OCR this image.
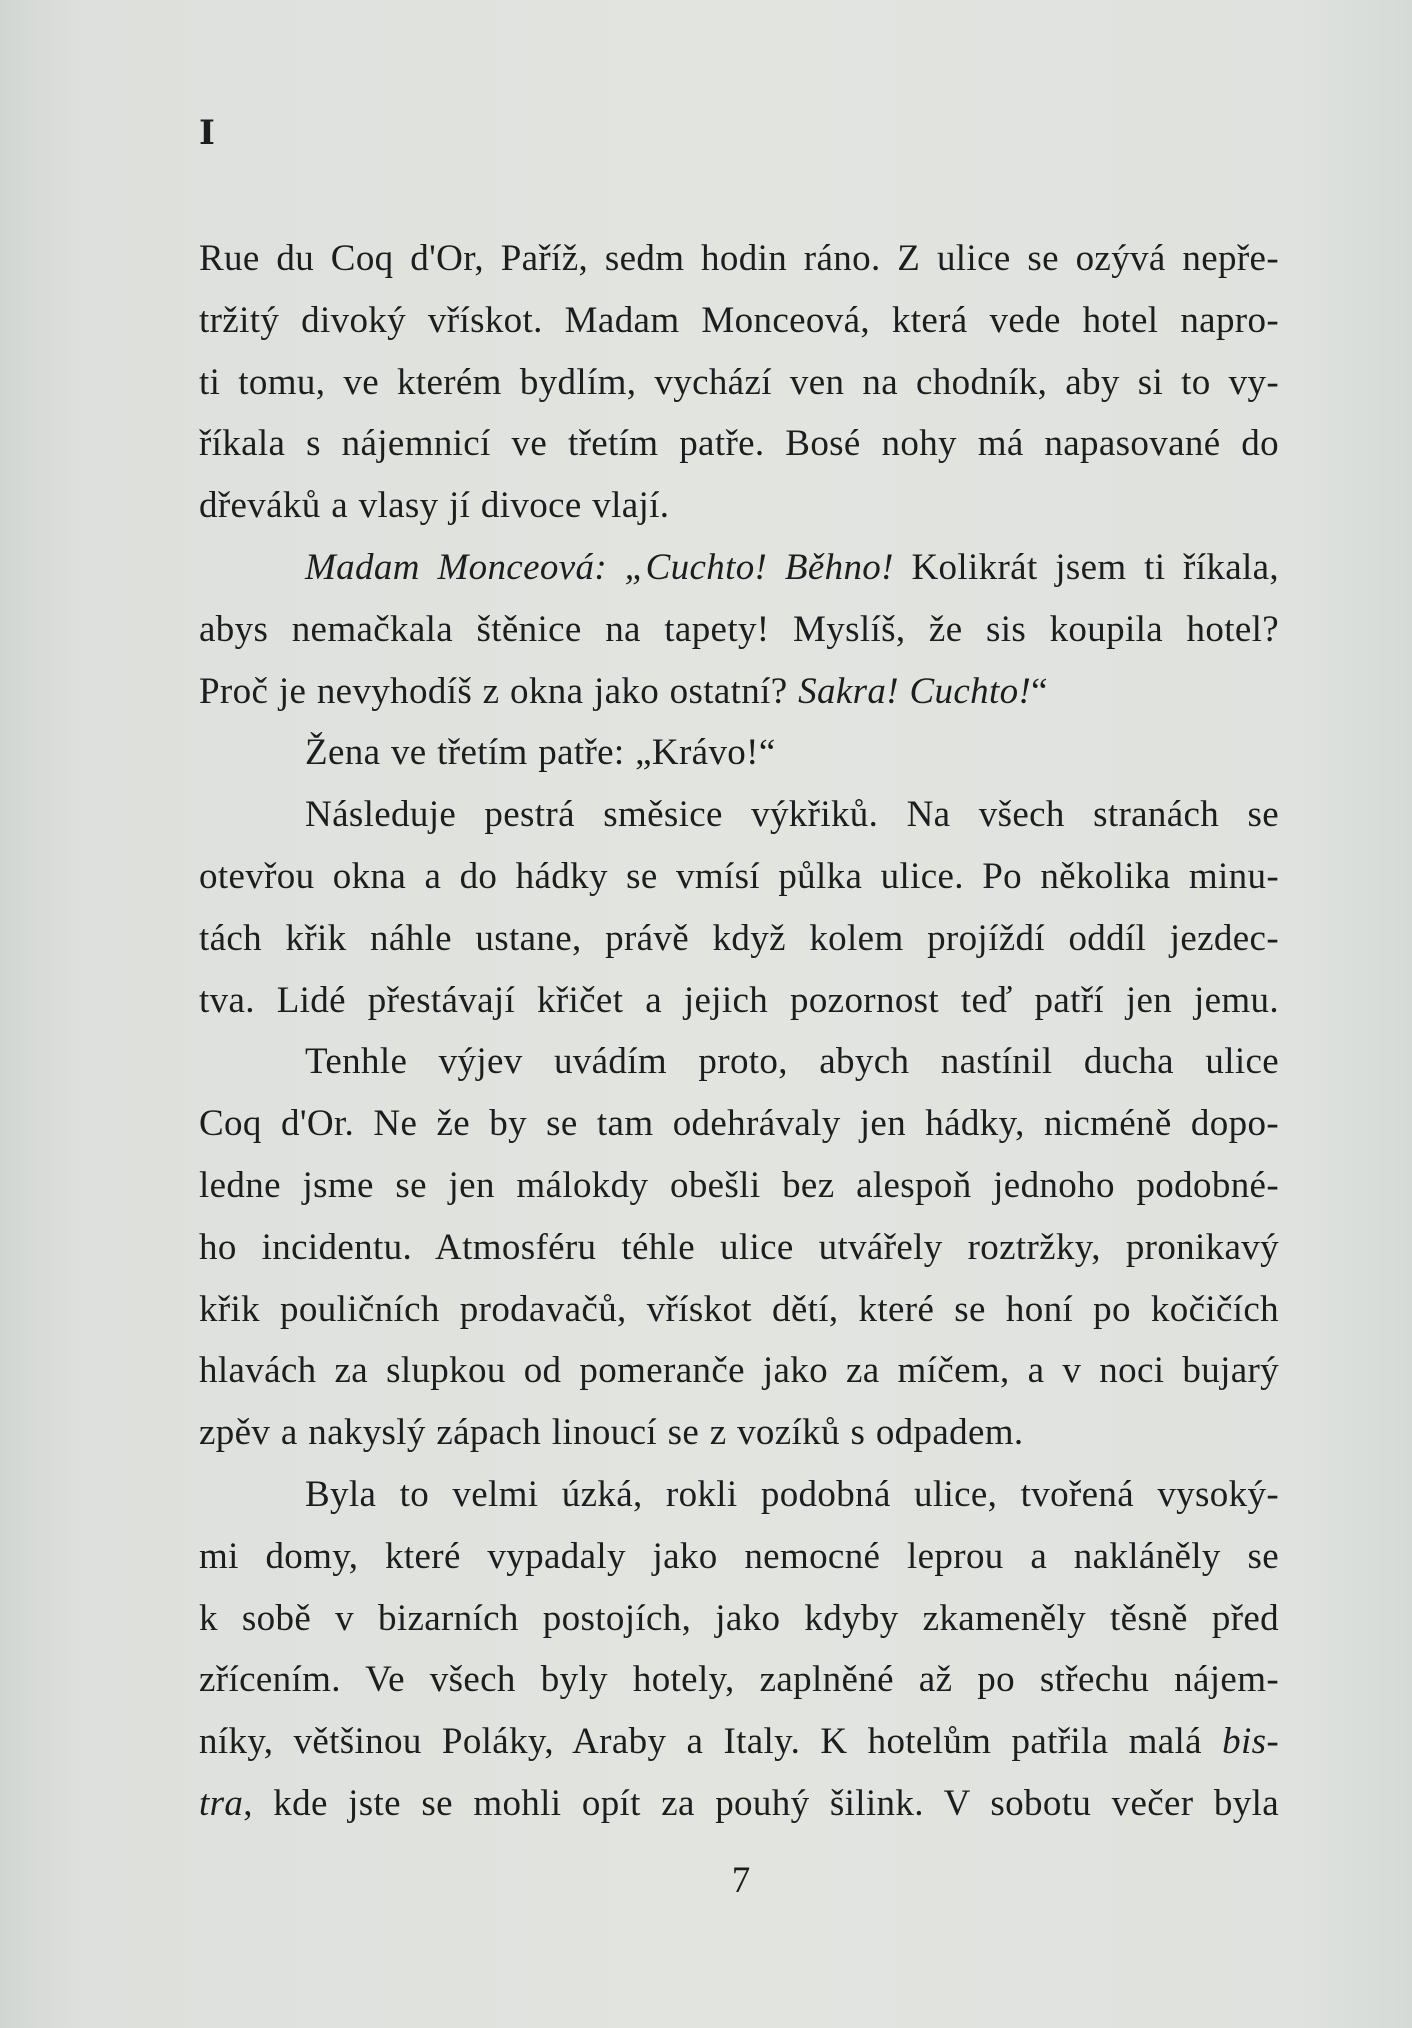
I
Rue du Coq d'Or, Paříž, sedm hodin ráno. Z ulice se ozývá nepře-
tržitý divoký vřískot. Madam Monceová, která vede hotel napro-
ti tomu, ve kterém bydlím, vychází ven na chodník, aby si to vy-
říkala s nájemnicí ve třetím patře. Bosé nohy má napasované do
dřeváků a vlasy jí divoce vlají.
Madam Monceová: „Cuchto! Běhno! Kolikrát jsem ti říkala,
abys nemačkala štěnice na tapety! Myslíš, že sis koupila hotel?
Proč je nevyhodíš z okna jako ostatní? Sakra! Cuchto!“
Žena ve třetím patře: „Krávo!“
Následuje pestrá směsice výkřiků. Na všech stranách se
otevřou okna a do hádky se vmísí půlka ulice. Po několika minu-
tách křik náhle ustane, právě když kolem projíždí oddíl jezdec-
tva. Lidé přestávají křičet a jejich pozornost teď patří jen jemu.
Tenhle výjev uvádím proto, abych nastínil ducha ulice
Coq d'Or. Ne že by se tam odehrávaly jen hádky, nicméně dopo-
ledne jsme se jen málokdy obešli bez alespoň jednoho podobné-
ho incidentu. Atmosféru téhle ulice utvářely roztržky, pronikavý
křik pouličních prodavačů, vřískot dětí, které se honí po kočičích
hlavách za slupkou od pomeranče jako za míčem, a v noci bujarý
zpěv a nakyslý zápach linoucí se z vozíků s odpadem.
Byla to velmi úzká, rokli podobná ulice, tvořená vysoký-
mi domy, které vypadaly jako nemocné leprou a nakláněly se
k sobě v bizarních postojích, jako kdyby zkameněly těsně před
zřícením. Ve všech byly hotely, zaplněné až po střechu nájem-
níky, většinou Poláky, Araby a Italy. K hotelům patřila malá bis-
tra, kde jste se mohli opít za pouhý šilink. V sobotu večer byla
7
